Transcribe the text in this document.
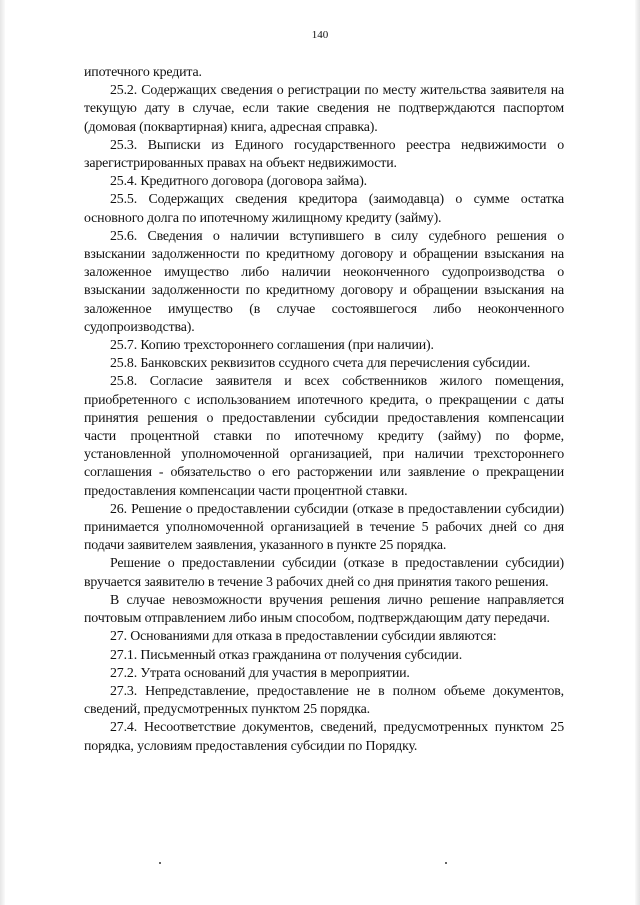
140

ипотечного кредита.

25.2. Содержащих сведения о регистрации по месту жительства заявителя на текущую дату в случае, если такие сведения не подтверждаются паспортом (домовая (поквартирная) книга, адресная справка).

25.3. Выписки из Единого государственного реестра недвижимости о зарегистрированных правах на объект недвижимости.

25.4. Кредитного договора (договора займа).

25.5. Содержащих сведения кредитора (заимодавца) о сумме остатка основного долга по ипотечному жилищному кредиту (займу).

25.6. Сведения о наличии вступившего в силу судебного решения о взыскании задолженности по кредитному договору и обращении взыскания на заложенное имущество либо наличии неоконченного судопроизводства о взыскании задолженности по кредитному договору и обращении взыскания на заложенное имущество (в случае состоявшегося либо неоконченного судопроизводства).

25.7. Копию трехстороннего соглашения (при наличии).

25.8. Банковских реквизитов ссудного счета для перечисления субсидии.

25.8. Согласие заявителя и всех собственников жилого помещения, приобретенного с использованием ипотечного кредита, о прекращении с даты принятия решения о предоставлении субсидии предоставления компенсации части процентной ставки по ипотечному кредиту (займу) по форме, установленной уполномоченной организацией, при наличии трехстороннего соглашения - обязательство о его расторжении или заявление о прекращении предоставления компенсации части процентной ставки.

26. Решение о предоставлении субсидии (отказе в предоставлении субсидии) принимается уполномоченной организацией в течение 5 рабочих дней со дня подачи заявителем заявления, указанного в пункте 25 порядка.

Решение о предоставлении субсидии (отказе в предоставлении субсидии) вручается заявителю в течение 3 рабочих дней со дня принятия такого решения.

В случае невозможности вручения решения лично решение направляется почтовым отправлением либо иным способом, подтверждающим дату передачи.

27. Основаниями для отказа в предоставлении субсидии являются:

27.1. Письменный отказ гражданина от получения субсидии.

27.2. Утрата оснований для участия в мероприятии.

27.3. Непредставление, предоставление не в полном объеме документов, сведений, предусмотренных пунктом 25 порядка.

27.4. Несоответствие документов, сведений, предусмотренных пунктом 25 порядка, условиям предоставления субсидии по Порядку.
